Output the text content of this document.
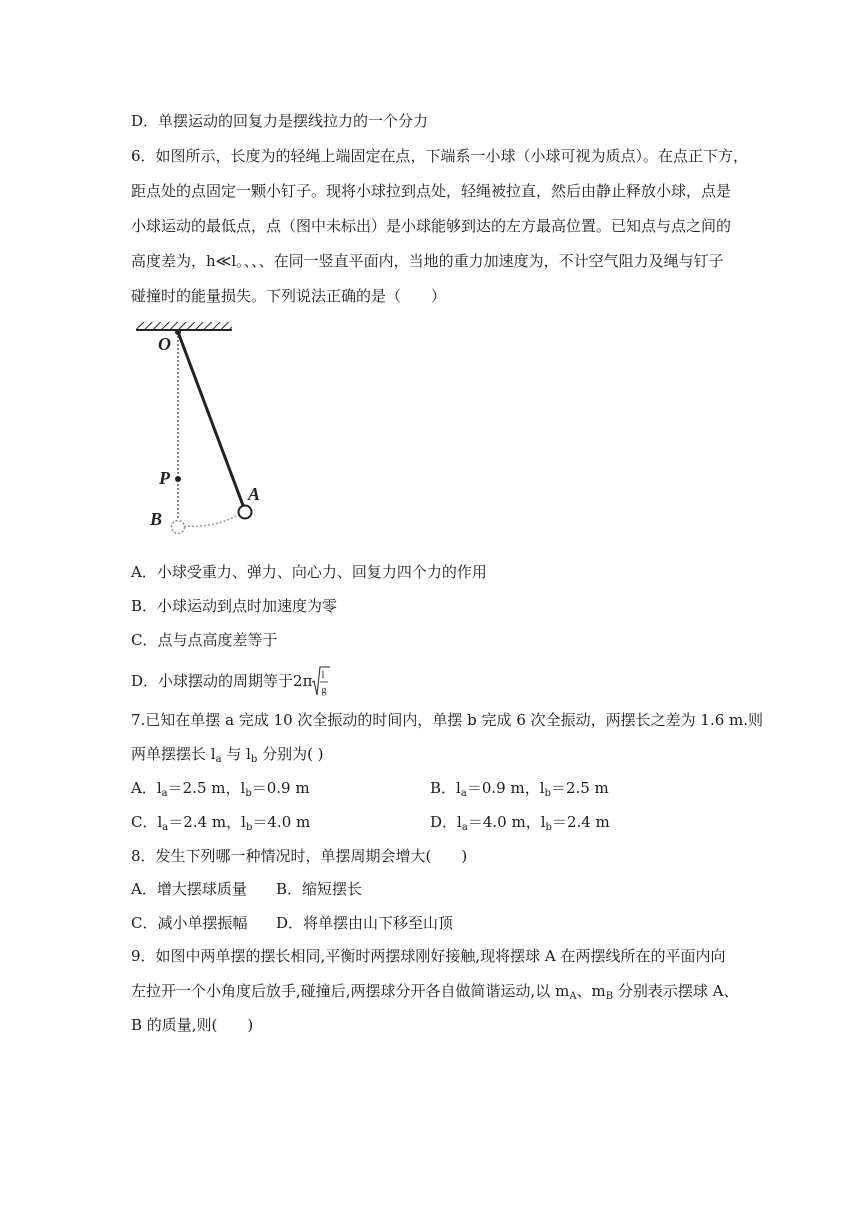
D．单摆运动的回复力是摆线拉力的一个分力
6．如图所示，长度为的轻绳上端固定在点，下端系一小球（小球可视为质点）。在点正下方，
距点处的点固定一颗小钉子。现将小球拉到点处，轻绳被拉直，然后由静止释放小球，点是
小球运动的最低点，点（图中未标出）是小球能够到达的左方最高位置。已知点与点之间的
高度差为，h≪l。、、、在同一竖直平面内，当地的重力加速度为，不计空气阻力及绳与钉子
碰撞时的能量损失。下列说法正确的是（　　）
O
P
A
B
A．小球受重力、弹力、向心力、回复力四个力的作用
B．小球运动到点时加速度为零
C．点与点高度差等于
D．小球摆动的周期等于2π l
g
7.已知在单摆 a 完成 10 次全振动的时间内，单摆 b 完成 6 次全振动，两摆长之差为 1.6 m.则
两单摆摆长 $l_a$ 与 $l_b$ 分别为( )
A．$l_a=2.5$ m，$l_b=0.9$ m	B．$l_a=0.9$ m，$l_b=2.5$ m
C．$l_a=2.4$ m，$l_b=4.0$ m	D．$l_a=4.0$ m，$l_b=2.4$ m
8．发生下列哪一种情况时，单摆周期会增大(　　)
A．增大摆球质量 B．缩短摆长
C．减小单摆振幅 D．将单摆由山下移至山顶
9．如图中两单摆的摆长相同,平衡时两摆球刚好接触,现将摆球 A 在两摆线所在的平面内向
左拉开一个小角度后放手,碰撞后,两摆球分开各自做简谐运动,以 $m_A$、$m_B$ 分别表示摆球 A、
B 的质量,则(　　)
